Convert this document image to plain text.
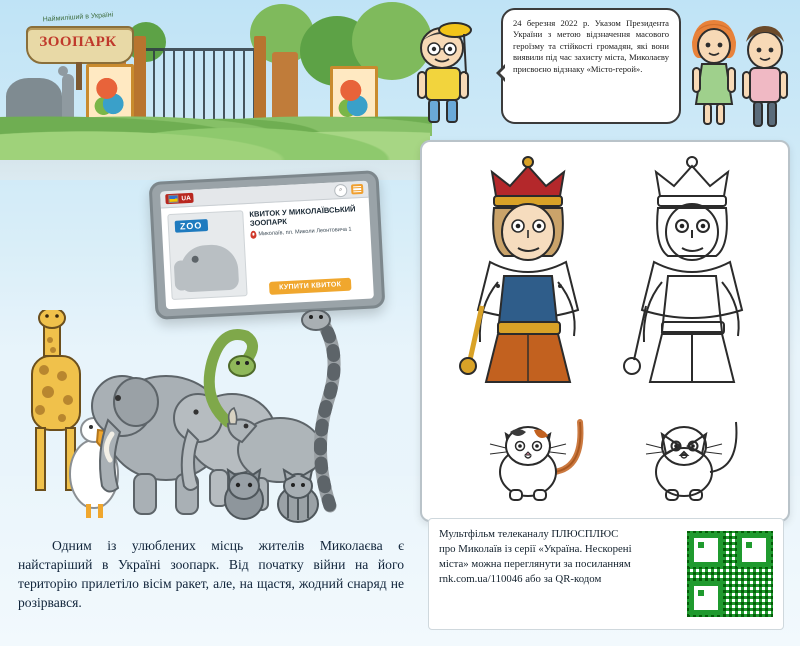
Наймиліший в Україні
ЗООПАРК

24 березня 2022 р. Указом Президента України з метою відзначення масового героїзму та стійкості громадян, які вони виявили під час захисту міста, Миколаєву присвоєно відзнаку «Місто-герой».

UA
⌕
ZOO
КВИТОК У МИКОЛАЇВСЬКИЙ ЗООПАРК
Миколаїв, пл. Миколи Леонтовича 1
КУПИТИ КВИТОК
Одним із улюблених місць жителів Миколаєва є найстаріший в Україні зоопарк. Від початку війни на його територію прилетіло вісім ракет, але, на щастя, жодний снаряд не розірвався.
Мультфільм телеканалу ПЛЮСПЛЮС
про Миколаїв із серії «Україна. Нескорені
міста» можна переглянути за посиланням
rnk.com.ua/110046 або за QR-кодом
